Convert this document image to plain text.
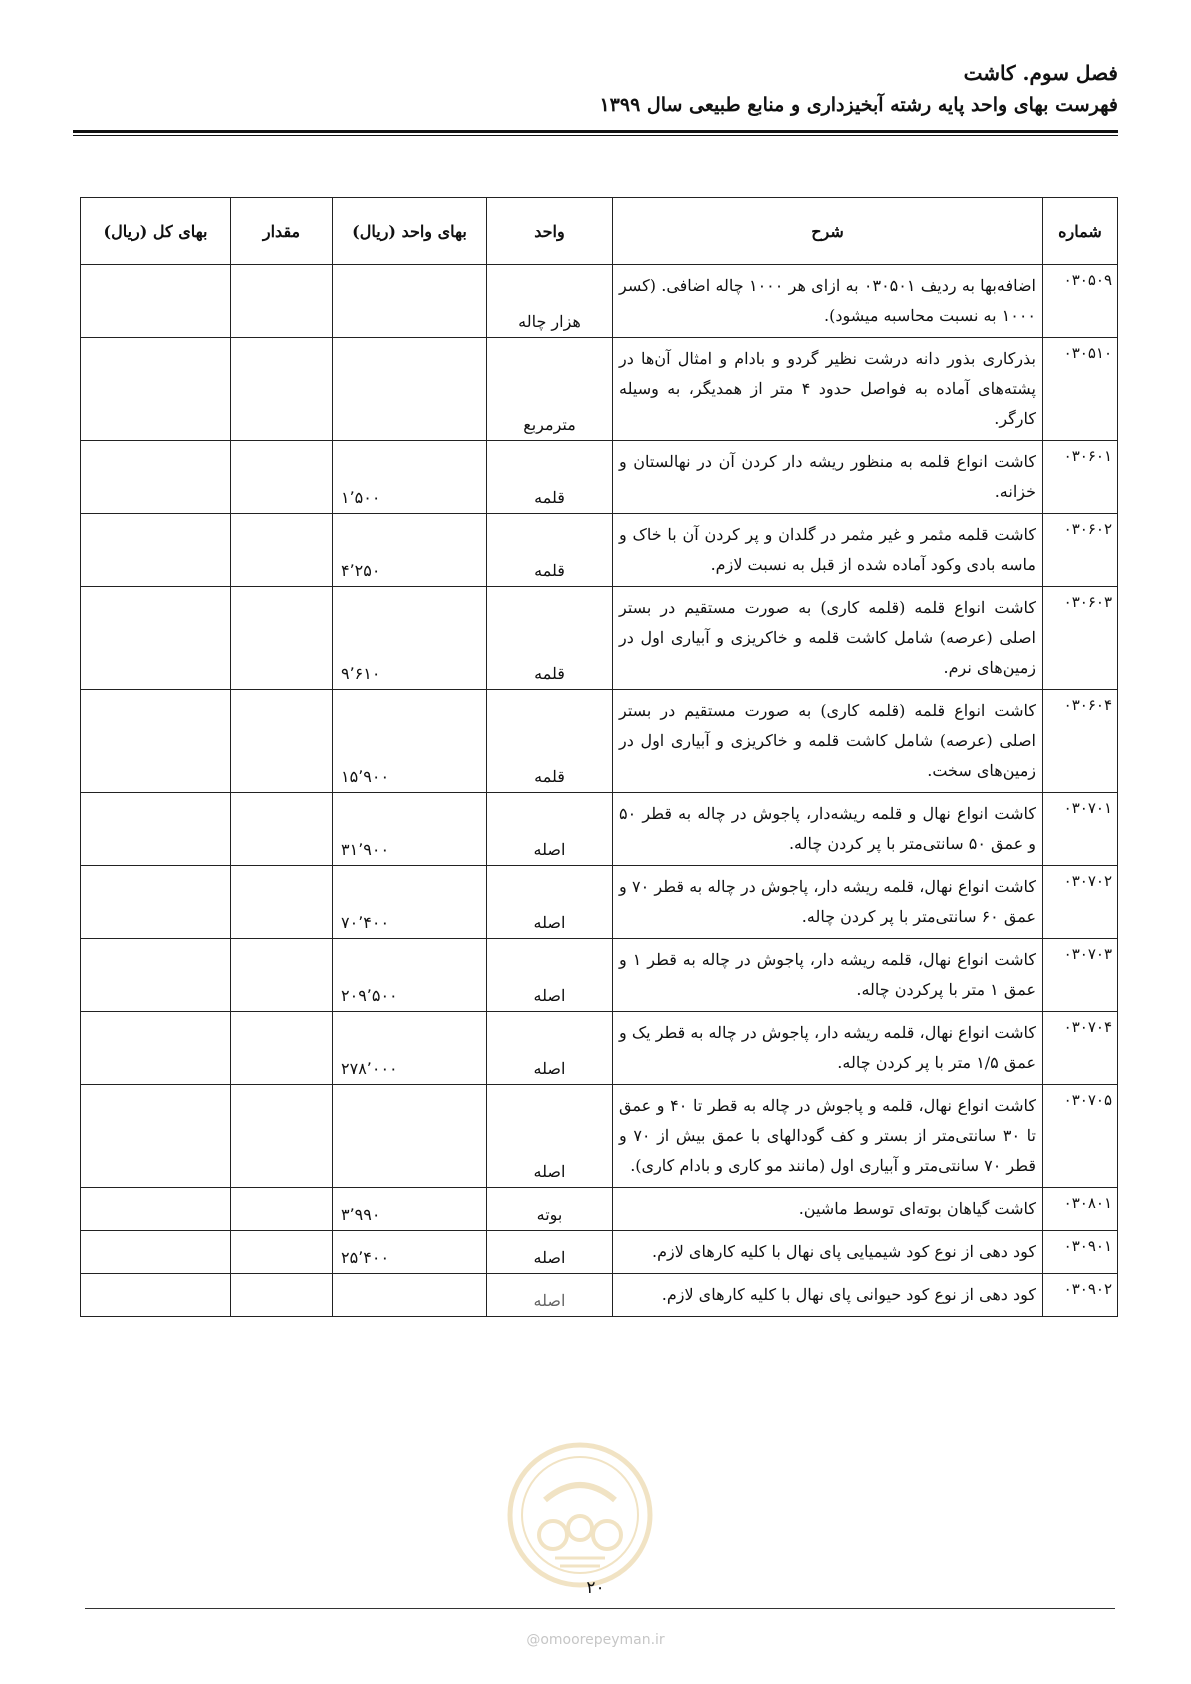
فصل سوم. کاشت
فهرست بهای واحد پایه رشته آبخیزداری و منابع طبیعی سال ۱۳۹۹
شماره	شرح	واحد	بهای واحد (ریال)	مقدار	بهای کل (ریال)
۰۳۰۵۰۹	اضافه‌بها به ردیف ۰۳۰۵۰۱ به ازای هر ۱۰۰۰ چاله اضافی. (کسر ۱۰۰۰ به نسبت محاسبه میشود).	هزار چاله			
۰۳۰۵۱۰	بذرکاری بذور دانه درشت نظیر گردو و بادام و امثال آن‌ها در پشته‌های آماده به فواصل حدود ۴ متر از همدیگر، به وسیله کارگر.	مترمربع			
۰۳۰۶۰۱	کاشت انواع قلمه به منظور ریشه دار کردن آن در نهالستان و خزانه.	قلمه	۱٬۵۰۰		
۰۳۰۶۰۲	کاشت قلمه مثمر و غیر مثمر در گلدان و پر کردن آن با خاک و ماسه بادی وکود آماده شده از قبل به نسبت لازم.	قلمه	۴٬۲۵۰		
۰۳۰۶۰۳	کاشت انواع قلمه (قلمه کاری) به صورت مستقیم در بستر اصلی (عرصه) شامل کاشت قلمه و خاکریزی و آبیاری اول در زمین‌های نرم.	قلمه	۹٬۶۱۰		
۰۳۰۶۰۴	کاشت انواع قلمه (قلمه کاری) به صورت مستقیم در بستر اصلی (عرصه) شامل کاشت قلمه و خاکریزی و آبیاری اول در زمین‌های سخت.	قلمه	۱۵٬۹۰۰		
۰۳۰۷۰۱	کاشت انواع نهال و قلمه ریشه‌دار، پاجوش در چاله به قطر ۵۰ و عمق ۵۰ سانتی‌متر با پر کردن چاله.	اصله	۳۱٬۹۰۰		
۰۳۰۷۰۲	کاشت انواع نهال، قلمه ریشه دار، پاجوش در چاله به قطر ۷۰ و عمق ۶۰ سانتی‌متر با پر کردن چاله.	اصله	۷۰٬۴۰۰		
۰۳۰۷۰۳	کاشت انواع نهال، قلمه ریشه دار، پاجوش در چاله به قطر ۱ و عمق ۱ متر با پرکردن چاله.	اصله	۲۰۹٬۵۰۰		
۰۳۰۷۰۴	کاشت انواع نهال، قلمه ریشه دار، پاجوش در چاله به قطر یک و عمق ۱/۵ متر با پر کردن چاله.	اصله	۲۷۸٬۰۰۰		
۰۳۰۷۰۵	کاشت انواع نهال، قلمه و پاجوش در چاله به قطر تا ۴۰ و عمق تا ۳۰ سانتی‌متر از بستر و کف گودالهای با عمق بیش از ۷۰ و قطر ۷۰ سانتی‌متر و آبیاری اول (مانند مو کاری و بادام کاری).	اصله			
۰۳۰۸۰۱	کاشت گیاهان بوته‌ای توسط ماشین.	بوته	۳٬۹۹۰		
۰۳۰۹۰۱	کود دهی از نوع کود شیمیایی پای نهال با کلیه کارهای لازم.	اصله	۲۵٬۴۰۰		
۰۳۰۹۰۲	کود دهی از نوع کود حیوانی پای نهال با کلیه کارهای لازم.	اصله			
۲۰
@omoorepeyman.ir
